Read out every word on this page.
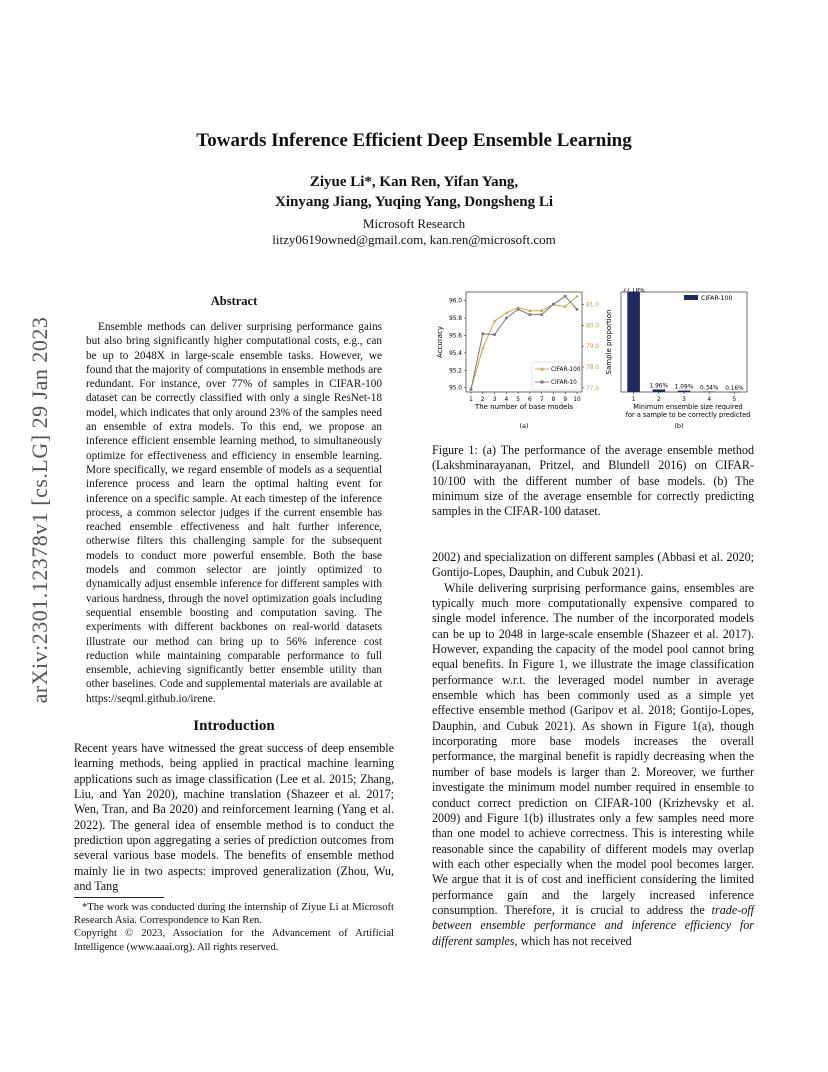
arXiv:2301.12378v1 [cs.LG] 29 Jan 2023
Towards Inference Efficient Deep Ensemble Learning
Ziyue Li*, Kan Ren, Yifan Yang,
Xinyang Jiang, Yuqing Yang, Dongsheng Li
Microsoft Research
litzy0619owned@gmail.com, kan.ren@microsoft.com
Abstract

Ensemble methods can deliver surprising performance gains but also bring significantly higher computational costs, e.g., can be up to 2048X in large-scale ensemble tasks. However, we found that the majority of computations in ensemble methods are redundant. For instance, over 77% of samples in CIFAR-100 dataset can be correctly classified with only a single ResNet-18 model, which indicates that only around 23% of the samples need an ensemble of extra models. To this end, we propose an inference efficient ensemble learning method, to simultaneously optimize for effectiveness and efficiency in ensemble learning. More specifically, we regard ensemble of models as a sequential inference process and learn the optimal halting event for inference on a specific sample. At each timestep of the inference process, a common selector judges if the current ensemble has reached ensemble effectiveness and halt further inference, otherwise filters this challenging sample for the subsequent models to conduct more powerful ensemble. Both the base models and common selector are jointly optimized to dynamically adjust ensemble inference for different samples with various hardness, through the novel optimization goals including sequential ensemble boosting and computation saving. The experiments with different backbones on real-world datasets illustrate our method can bring up to 56% inference cost reduction while maintaining comparable performance to full ensemble, achieving significantly better ensemble utility than other baselines. Code and supplemental materials are available at https://seqml.github.io/irene.

Introduction

Recent years have witnessed the great success of deep ensemble learning methods, being applied in practical machine learning applications such as image classification (Lee et al. 2015; Zhang, Liu, and Yan 2020), machine translation (Shazeer et al. 2017; Wen, Tran, and Ba 2020) and reinforcement learning (Yang et al. 2022). The general idea of ensemble method is to conduct the prediction upon aggregating a series of prediction outcomes from several various base models. The benefits of ensemble method mainly lie in two aspects: improved generalization (Zhou, Wu, and Tang

*The work was conducted during the internship of Ziyue Li at Microsoft Research Asia. Correspondence to Kan Ren.

Copyright © 2023, Association for the Advancement of Artificial Intelligence (www.aaai.org). All rights reserved.

95.0
95.2
95.4
95.6
95.8
96.0
77.0
78.0
79.0
80.0
81.0
1 2 3 4 5 6 7 8 9 10
Accuracy
The number of base models
(a)
CIFAR-100
CIFAR-10
1	2	3	4	5
77.18%
1.96% 1.09% 0.34% 0.16%
Sample proportion
Minimum ensemble size required
for a sample to be correctly predicted
(b)
CIFAR-100

Figure 1: (a) The performance of the average ensemble method (Lakshminarayanan, Pritzel, and Blundell 2016) on CIFAR-10/100 with the different number of base models. (b) The minimum size of the average ensemble for correctly predicting samples in the CIFAR-100 dataset.

2002) and specialization on different samples (Abbasi et al. 2020; Gontijo-Lopes, Dauphin, and Cubuk 2021).

While delivering surprising performance gains, ensembles are typically much more computationally expensive compared to single model inference. The number of the incorporated models can be up to 2048 in large-scale ensemble (Shazeer et al. 2017). However, expanding the capacity of the model pool cannot bring equal benefits. In Figure 1, we illustrate the image classification performance w.r.t. the leveraged model number in average ensemble which has been commonly used as a simple yet effective ensemble method (Garipov et al. 2018; Gontijo-Lopes, Dauphin, and Cubuk 2021). As shown in Figure 1(a), though incorporating more base models increases the overall performance, the marginal benefit is rapidly decreasing when the number of base models is larger than 2. Moreover, we further investigate the minimum model number required in ensemble to conduct correct prediction on CIFAR-100 (Krizhevsky et al. 2009) and Figure 1(b) illustrates only a few samples need more than one model to achieve correctness. This is interesting while reasonable since the capability of different models may overlap with each other especially when the model pool becomes larger. We argue that it is of cost and inefficient considering the limited performance gain and the largely increased inference consumption. Therefore, it is crucial to address the trade-off between ensemble performance and inference efficiency for different samples, which has not received
